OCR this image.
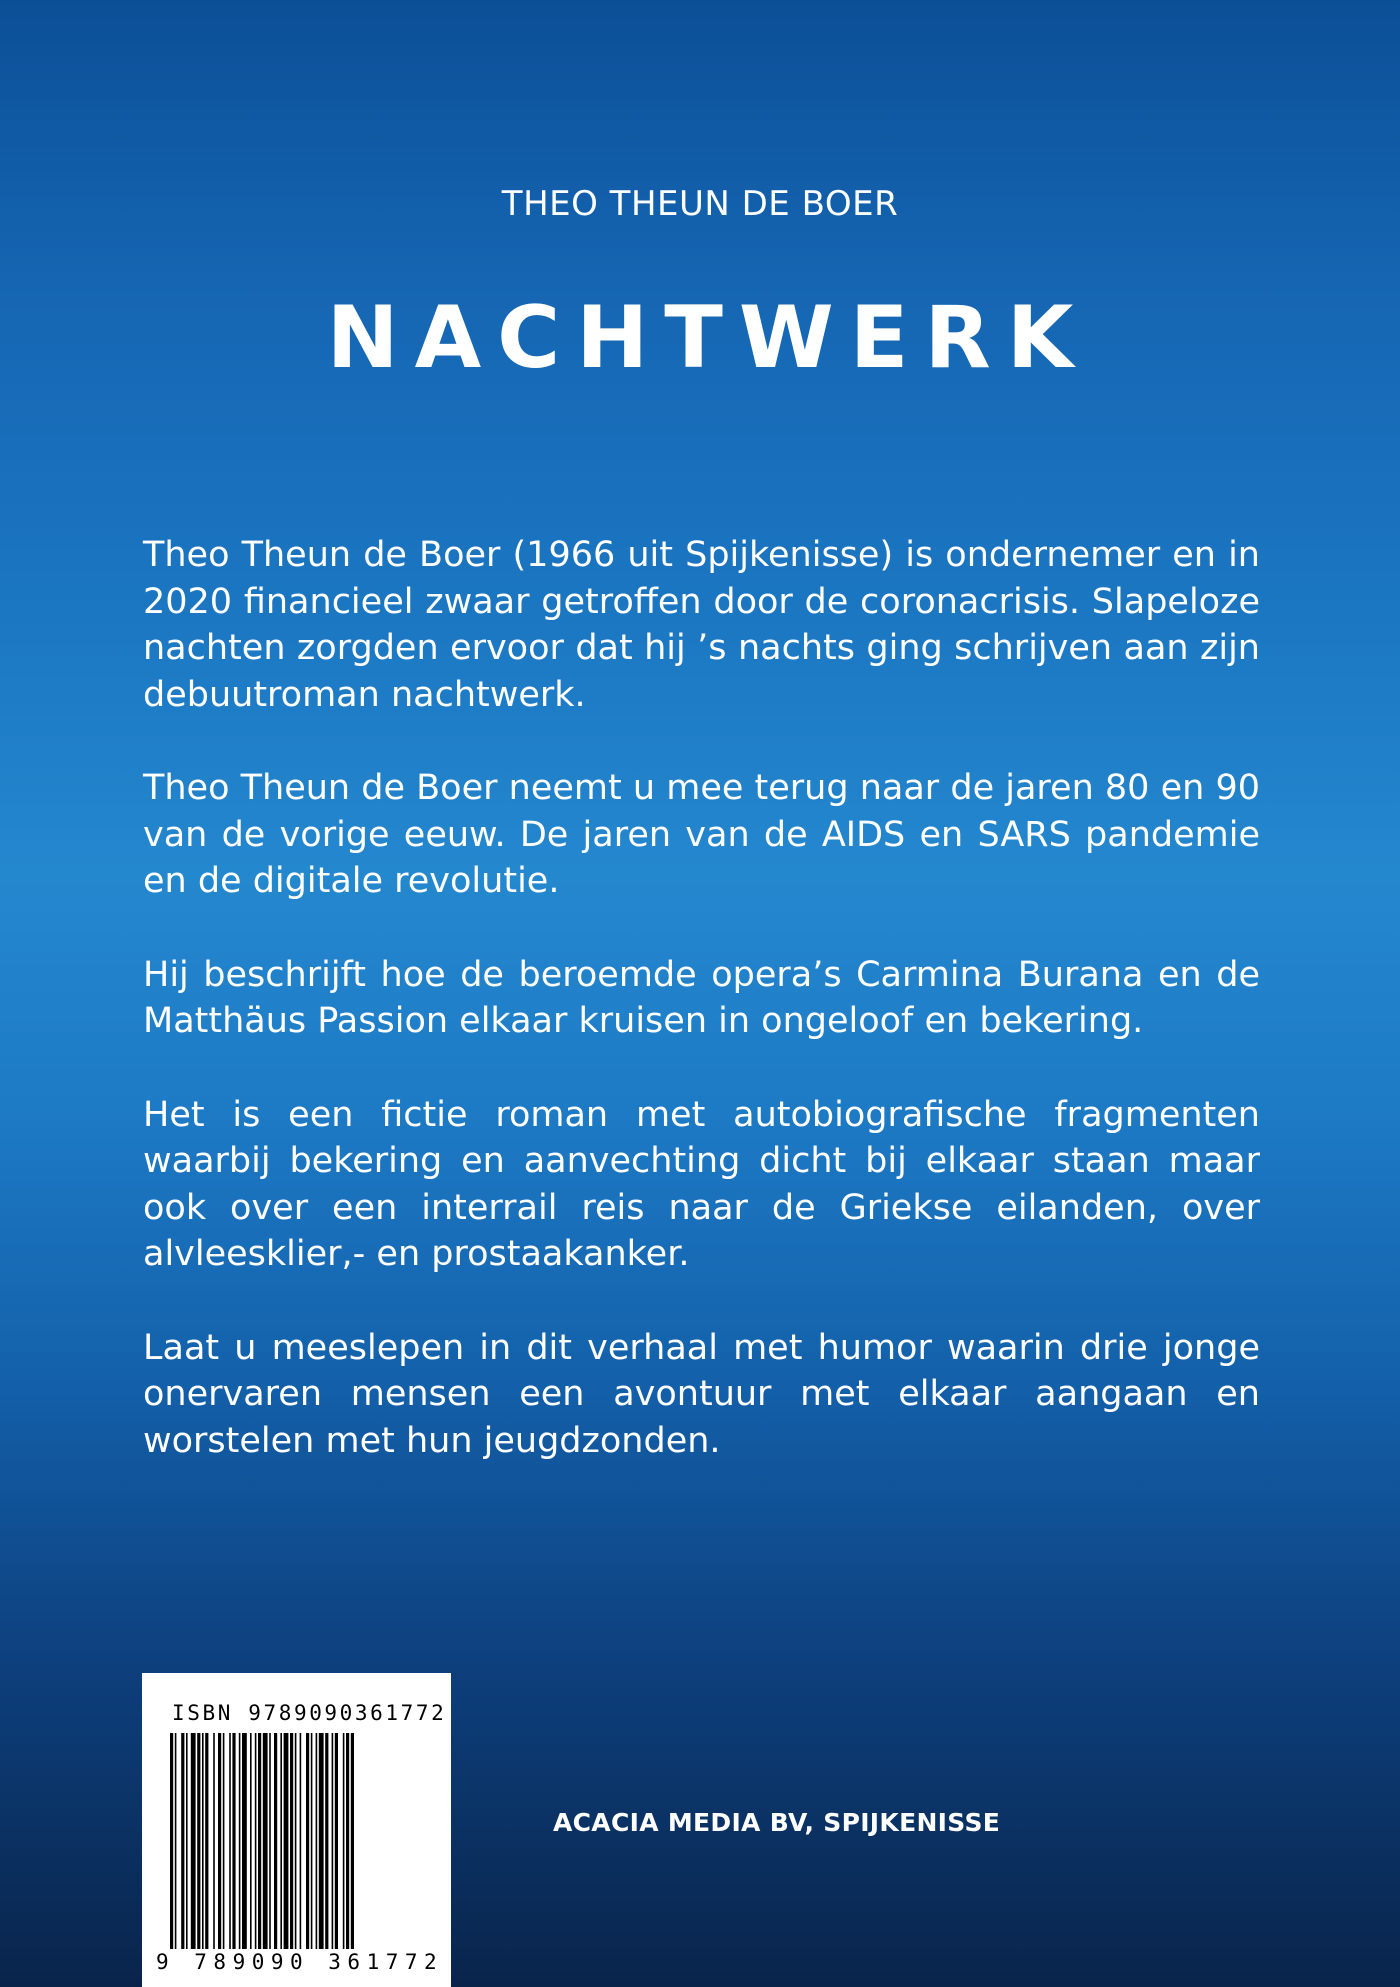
THEO THEUN DE BOER
NACHTWERK

Theo Theun de Boer (1966 uit Spijkenisse) is ondernemer en in 2020 financieel zwaar getroffen door de coronacrisis. Slapeloze nachten zorgden ervoor dat hij ’s nachts ging schrijven aan zijn debuutroman nachtwerk.

Theo Theun de Boer neemt u mee terug naar de jaren 80 en 90 van de vorige eeuw. De jaren van de AIDS en SARS pandemie en de digitale revolutie.

Hij beschrijft hoe de beroemde opera’s Carmina Burana en de Matthäus Passion elkaar kruisen in ongeloof en bekering.

Het is een fictie roman met autobiografische fragmenten waarbij bekering en aanvechting dicht bij elkaar staan maar ook over een interrail reis naar de Griekse eilanden, over alvleesklier,- en prostaakanker.

Laat u meeslepen in dit verhaal met humor waarin drie jonge onervaren mensen een avontuur met elkaar aangaan en worstelen met hun jeugdzonden.

ISBN 9789090361772
9 789090 361772
ACACIA MEDIA BV, SPIJKENISSE
